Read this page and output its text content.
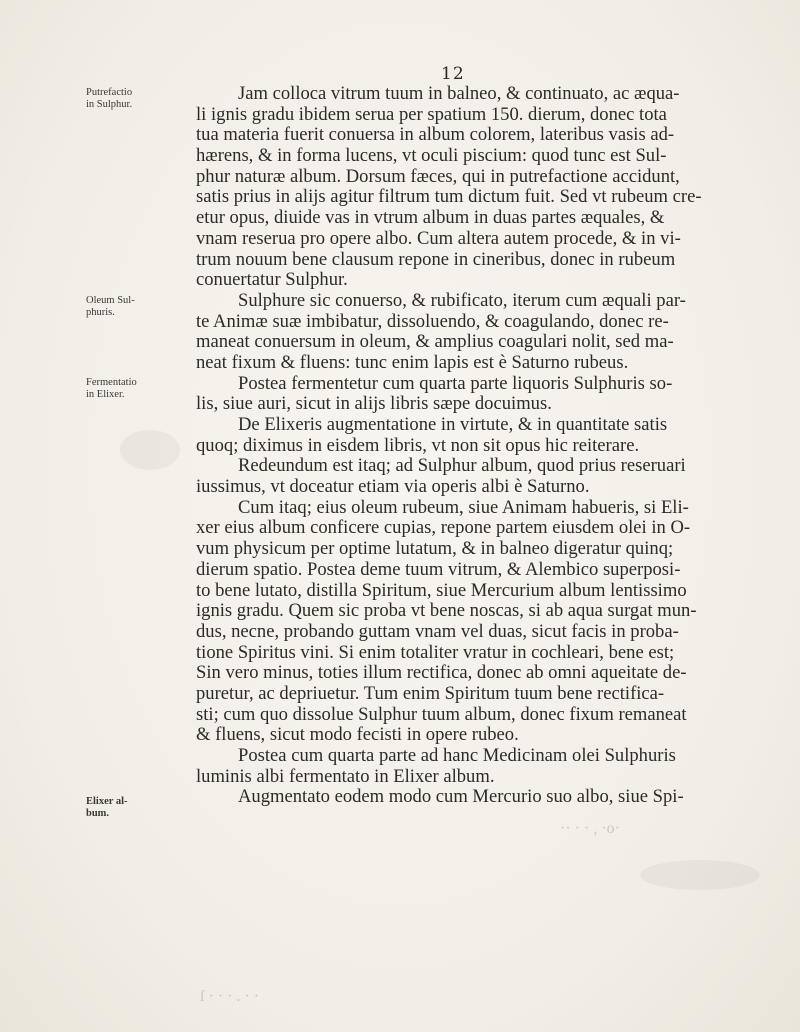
·· · · , ·ο·
ſ · · · . · ·
12
Putrefactio
in Sulphur.
Oleum Sul-
phuris.
Fermentatio
in Elixer.
Elixer al-
bum.
Jam colloca vitrum tuum in balneo, & continuato, ac æqua-
li ignis gradu ibidem serua per spatium 150. dierum, donec tota
tua materia fuerit conuersa in album colorem, lateribus vasis ad-
hærens, & in forma lucens, vt oculi piscium: quod tunc est Sul-
phur naturæ album. Dorsum fæces, qui in putrefactione accidunt,
satis prius in alijs agitur filtrum tum dictum fuit. Sed vt rubeum cre-
etur opus, diuide vas in vtrum album in duas partes æquales, &
vnam reserua pro opere albo. Cum altera autem procede, & in vi-
trum nouum bene clausum repone in cineribus, donec in rubeum
conuertatur Sulphur.
Sulphure sic conuerso, & rubificato, iterum cum æquali par-
te Animæ suæ imbibatur, dissoluendo, & coagulando, donec re-
maneat conuersum in oleum, & amplius coagulari nolit, sed ma-
neat fixum & fluens: tunc enim lapis est è Saturno rubeus.
Postea fermentetur cum quarta parte liquoris Sulphuris so-
lis, siue auri, sicut in alijs libris sæpe docuimus.
De Elixeris augmentatione in virtute, & in quantitate satis
quoq; diximus in eisdem libris, vt non sit opus hic reiterare.
Redeundum est itaq; ad Sulphur album, quod prius reseruari
iussimus, vt doceatur etiam via operis albi è Saturno.
Cum itaq; eius oleum rubeum, siue Animam habueris, si Eli-
xer eius album conficere cupias, repone partem eiusdem olei in O-
vum physicum per optime lutatum, & in balneo digeratur quinq;
dierum spatio. Postea deme tuum vitrum, & Alembico superposi-
to bene lutato, distilla Spiritum, siue Mercurium album lentissimo
ignis gradu. Quem sic proba vt bene noscas, si ab aqua surgat mun-
dus, necne, probando guttam vnam vel duas, sicut facis in proba-
tione Spiritus vini. Si enim totaliter vratur in cochleari, bene est;
Sin vero minus, toties illum rectifica, donec ab omni aqueitate de-
puretur, ac depriuetur. Tum enim Spiritum tuum bene rectifica-
sti; cum quo dissolue Sulphur tuum album, donec fixum remaneat
& fluens, sicut modo fecisti in opere rubeo.
Postea cum quarta parte ad hanc Medicinam olei Sulphuris
luminis albi fermentato in Elixer album.
Augmentato eodem modo cum Mercurio suo albo, siue Spi-
